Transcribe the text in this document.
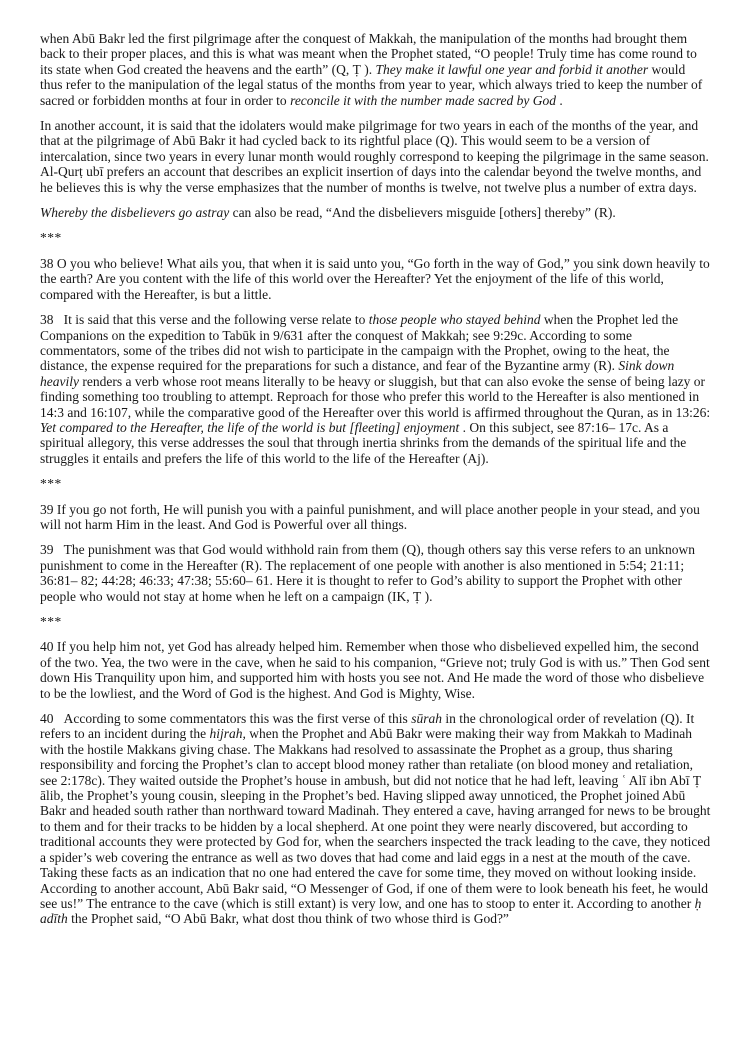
when Abū Bakr led the first pilgrimage after the conquest of Makkah, the manipulation of the months had brought them back to their proper places, and this is what was meant when the Prophet stated, “O people! Truly time has come round to its state when God created the heavens and the earth” (Q, Ṭ ). They make it lawful one year and forbid it another would thus refer to the manipulation of the legal status of the months from year to year, which always tried to keep the number of sacred or forbidden months at four in order to reconcile it with the number made sacred by God .

In another account, it is said that the idolaters would make pilgrimage for two years in each of the months of the year, and that at the pilgrimage of Abū Bakr it had cycled back to its rightful place (Q). This would seem to be a version of intercalation, since two years in every lunar month would roughly correspond to keeping the pilgrimage in the same season. Al-Qurṭ ubī prefers an account that describes an explicit insertion of days into the calendar beyond the twelve months, and he believes this is why the verse emphasizes that the number of months is twelve, not twelve plus a number of extra days.

Whereby the disbelievers go astray can also be read, “And the disbelievers misguide [others] thereby” (R).

***

38 O you who believe! What ails you, that when it is said unto you, “Go forth in the way of God,” you sink down heavily to the earth? Are you content with the life of this world over the Hereafter? Yet the enjoyment of the life of this world, compared with the Hereafter, is but a little.

38   It is said that this verse and the following verse relate to those people who stayed behind when the Prophet led the Companions on the expedition to Tabūk in 9/631 after the conquest of Makkah; see 9:29c. According to some commentators, some of the tribes did not wish to participate in the campaign with the Prophet, owing to the heat, the distance, the expense required for the preparations for such a distance, and fear of the Byzantine army (R). Sink down heavily renders a verb whose root means literally to be heavy or sluggish, but that can also evoke the sense of being lazy or finding something too troubling to attempt. Reproach for those who prefer this world to the Hereafter is also mentioned in 14:3 and 16:107, while the comparative good of the Hereafter over this world is affirmed throughout the Quran, as in 13:26: Yet compared to the Hereafter, the life of the world is but [fleeting] enjoyment . On this subject, see 87:16– 17c. As a spiritual allegory, this verse addresses the soul that through inertia shrinks from the demands of the spiritual life and the struggles it entails and prefers the life of this world to the life of the Hereafter (Aj).

***

39 If you go not forth, He will punish you with a painful punishment, and will place another people in your stead, and you will not harm Him in the least. And God is Powerful over all things.

39   The punishment was that God would withhold rain from them (Q), though others say this verse refers to an unknown punishment to come in the Hereafter (R). The replacement of one people with another is also mentioned in 5:54; 21:11; 36:81– 82; 44:28; 46:33; 47:38; 55:60– 61. Here it is thought to refer to God’s ability to support the Prophet with other people who would not stay at home when he left on a campaign (IK, Ṭ ).

***

40 If you help him not, yet God has already helped him. Remember when those who disbelieved expelled him, the second of the two. Yea, the two were in the cave, when he said to his companion, “Grieve not; truly God is with us.” Then God sent down His Tranquility upon him, and supported him with hosts you see not. And He made the word of those who disbelieve to be the lowliest, and the Word of God is the highest. And God is Mighty, Wise.

40   According to some commentators this was the first verse of this sūrah in the chronological order of revelation (Q). It refers to an incident during the hijrah, when the Prophet and Abū Bakr were making their way from Makkah to Madinah with the hostile Makkans giving chase. The Makkans had resolved to assassinate the Prophet as a group, thus sharing responsibility and forcing the Prophet’s clan to accept blood money rather than retaliate (on blood money and retaliation, see 2:178c). They waited outside the Prophet’s house in ambush, but did not notice that he had left, leaving ʿ Alī ibn Abī Ṭ ālib, the Prophet’s young cousin, sleeping in the Prophet’s bed. Having slipped away unnoticed, the Prophet joined Abū Bakr and headed south rather than northward toward Madinah. They entered a cave, having arranged for news to be brought to them and for their tracks to be hidden by a local shepherd. At one point they were nearly discovered, but according to traditional accounts they were protected by God for, when the searchers inspected the track leading to the cave, they noticed a spider’s web covering the entrance as well as two doves that had come and laid eggs in a nest at the mouth of the cave. Taking these facts as an indication that no one had entered the cave for some time, they moved on without looking inside. According to another account, Abū Bakr said, “O Messenger of God, if one of them were to look beneath his feet, he would see us!” The entrance to the cave (which is still extant) is very low, and one has to stoop to enter it. According to another ḥ adīth the Prophet said, “O Abū Bakr, what dost thou think of two whose third is God?”
